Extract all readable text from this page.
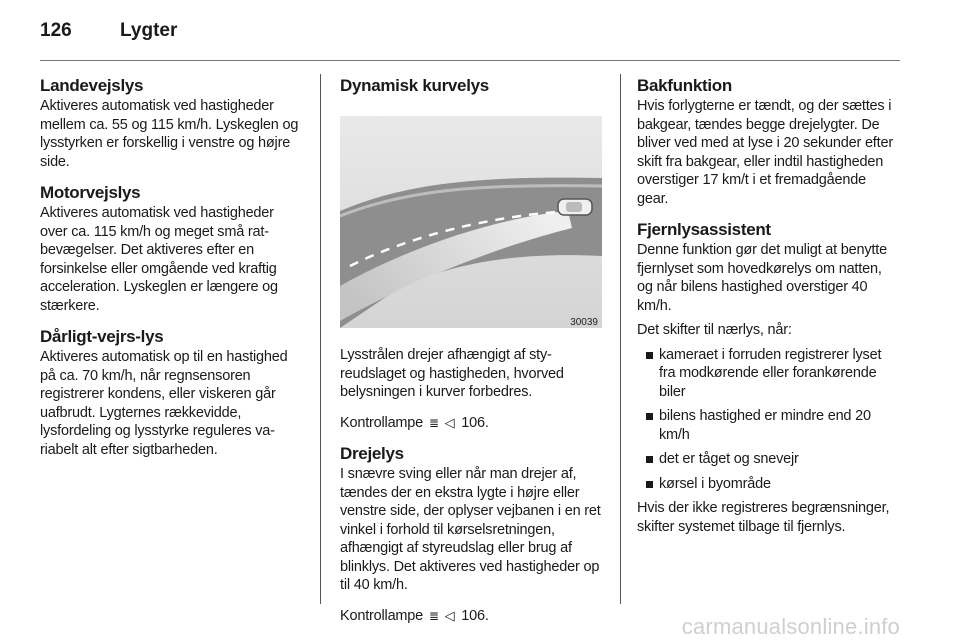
126	Lygter
Landevejslys
Aktiveres automatisk ved hastigheder mellem ca. 55 og 115 km/h. Lyskeglen og lysstyrken er forskellig i venstre og højre side.
Motorvejslys
Aktiveres automatisk ved hastigheder over ca. 115 km/h og meget små ratbevægelser. Det aktiveres efter en forsinkelse eller omgående ved kraftig acceleration. Lyskeglen er længere og stærkere.
Dårligt-vejrs-lys
Aktiveres automatisk op til en hastighed på ca. 70 km/h, når regnsensoren registrerer kondens, eller viskeren går uafbrudt. Lygternes rækkevidde, lysfordeling og lysstyrke reguleres variabelt alt efter sigtbarheden.
Dynamisk kurvelys
30039
Lysstrålen drejer afhængigt af styreudslaget og hastigheden, hvorved belysningen i kurver forbedres.
Kontrollampe ≣ ◁ 106.
Drejelys
I snævre sving eller når man drejer af, tændes der en ekstra lygte i højre eller venstre side, der oplyser vejbanen i en ret vinkel i forhold til kørselsretningen, afhængigt af styreudslag eller brug af blinklys. Det aktiveres ved hastigheder op til 40 km/h.
Kontrollampe ≣ ◁ 106.
Bakfunktion
Hvis forlygterne er tændt, og der sættes i bakgear, tændes begge drejelygter. De bliver ved med at lyse i 20 sekunder efter skift fra bakgear, eller indtil hastigheden overstiger 17 km/t i et fremadgående gear.
Fjernlysassistent
Denne funktion gør det muligt at benytte fjernlyset som hovedkørelys om natten, og når bilens hastighed overstiger 40 km/h.
Det skifter til nærlys, når:
kameraet i forruden registrerer lyset fra modkørende eller forankørende biler
bilens hastighed er mindre end 20 km/h
det er tåget og snevejr
kørsel i byområde
Hvis der ikke registreres begrænsninger, skifter systemet tilbage til fjernlys.
carmanualsonline.info
